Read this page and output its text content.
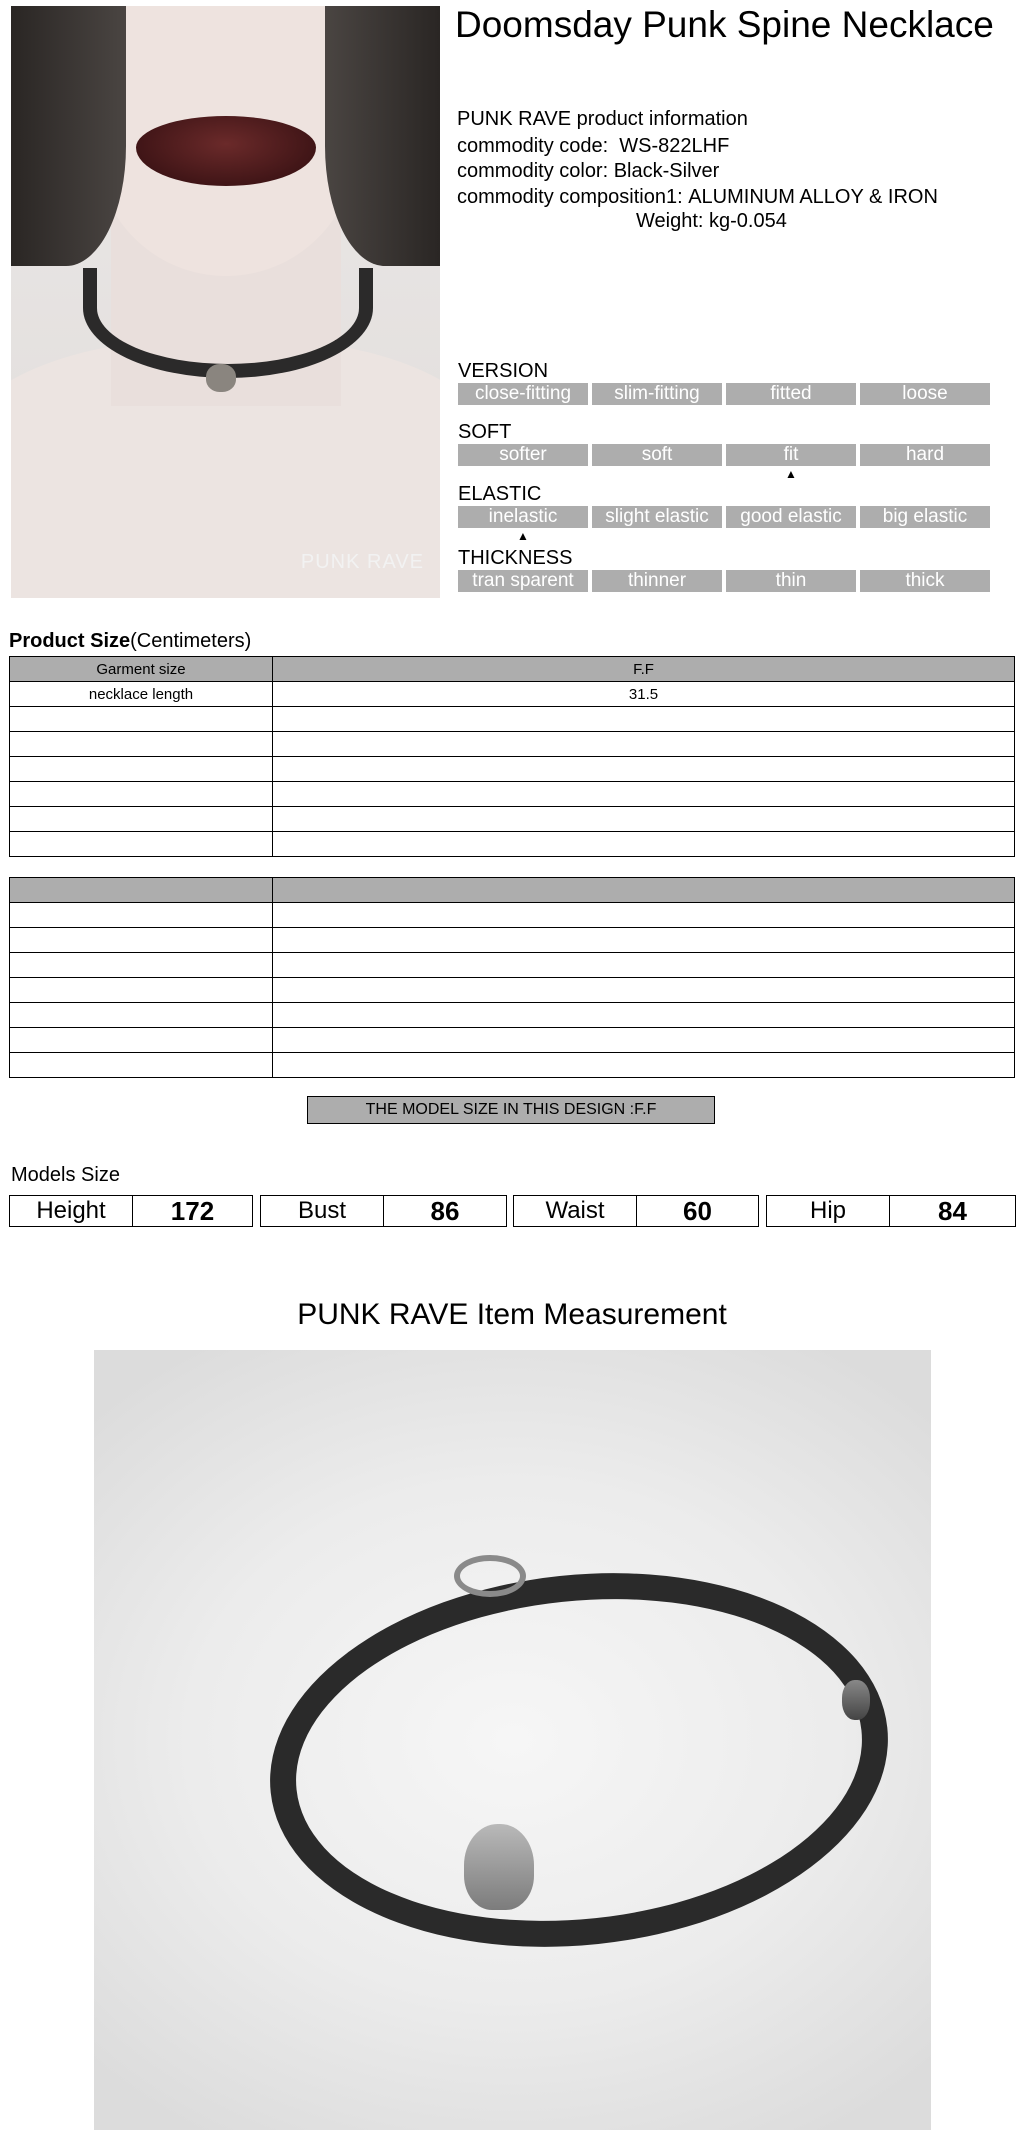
PUNK RAVE
Doomsday Punk Spine Necklace
PUNK RAVE product information
commodity code: WS-822LHF
commodity color: Black-Silver
commodity composition1: ALUMINUM ALLOY & IRON
Weight: kg-0.054
VERSION
close-fitting	slim-fitting	fitted	loose
SOFT
softer	soft	fit	hard
▲
ELASTIC
inelastic	slight elastic	good elastic	big elastic
▲
THICKNESS
tran sparent	thinner	thin	thick
Product Size(Centimeters)
Garment size	F.F
necklace length	31.5

THE MODEL SIZE IN THIS DESIGN :F.F
Models Size
Height	172	Bust	86	Waist	60	Hip	84
PUNK RAVE Item Measurement
